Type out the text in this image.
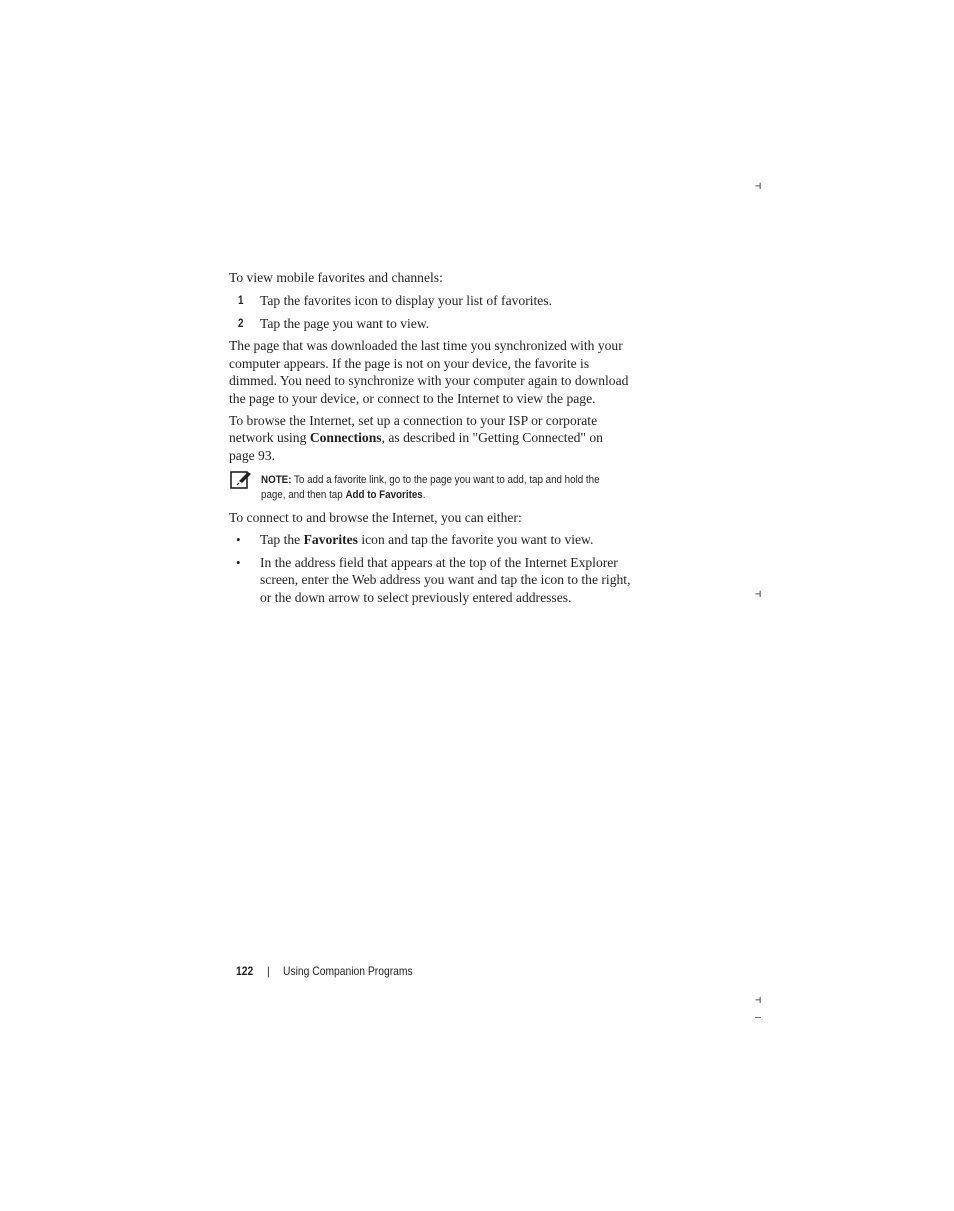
⊣
⊣
⊣
–
To view mobile favorites and channels:
1 Tap the favorites icon to display your list of favorites.
2 Tap the page you want to view.
The page that was downloaded the last time you synchronized with your
computer appears. If the page is not on your device, the favorite is
dimmed. You need to synchronize with your computer again to download
the page to your device, or connect to the Internet to view the page.
To browse the Internet, set up a connection to your ISP or corporate
network using Connections, as described in "Getting Connected" on
page 93.
NOTE: To add a favorite link, go to the page you want to add, tap and hold the
page, and then tap Add to Favorites.
To connect to and browse the Internet, you can either:
• Tap the Favorites icon and tap the favorite you want to view.
• In the address field that appears at the top of the Internet Explorer
screen, enter the Web address you want and tap the icon to the right,
or the down arrow to select previously entered addresses.
122 | Using Companion Programs
